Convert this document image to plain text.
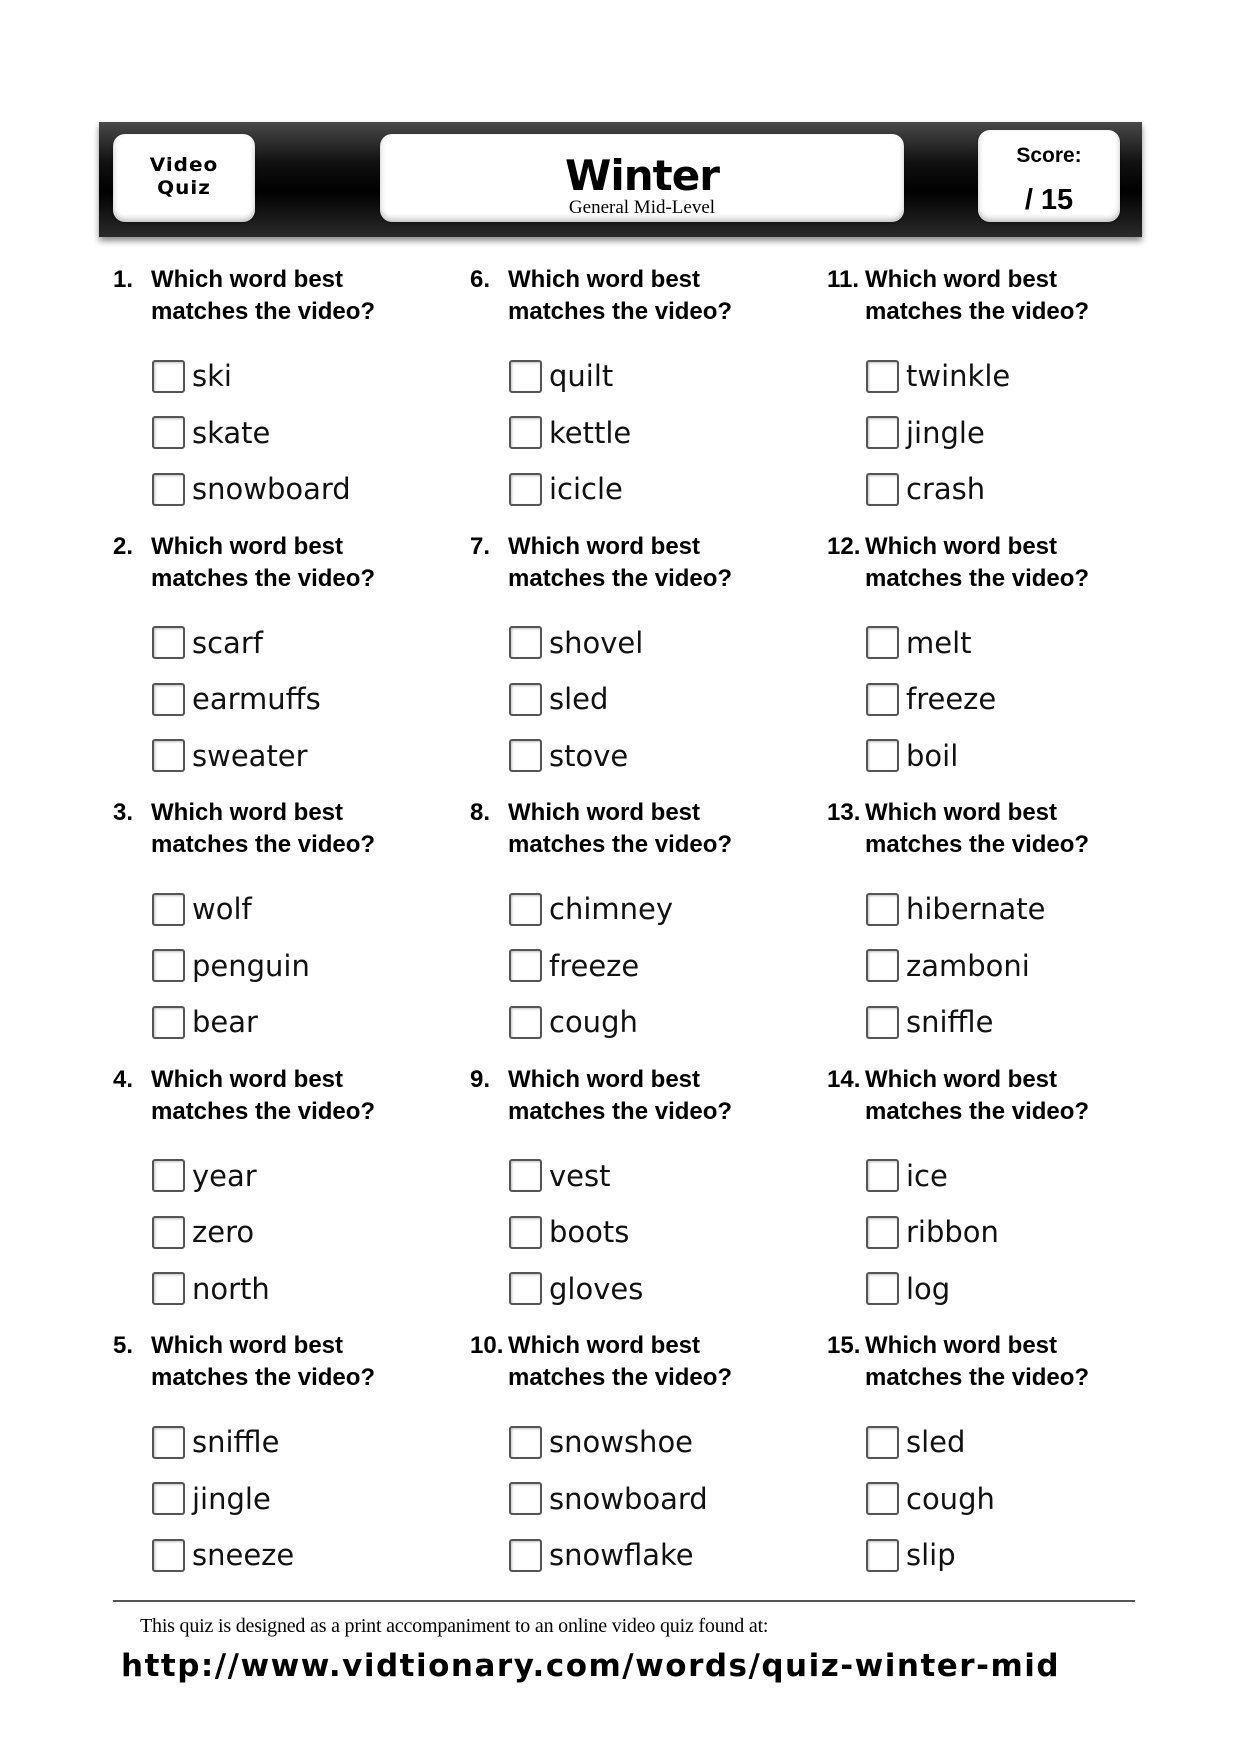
Video
Quiz	Winter
General Mid-Level
Score:
/ 15
1. Which word best matches the video?
ski
skate
snowboard
6. Which word best matches the video?
quilt
kettle
icicle
11. Which word best matches the video?
twinkle
jingle
crash
2. Which word best matches the video?
scarf
earmuffs
sweater
7. Which word best matches the video?
shovel
sled
stove
12. Which word best matches the video?
melt
freeze
boil
3. Which word best matches the video?
wolf
penguin
bear
8. Which word best matches the video?
chimney
freeze
cough
13. Which word best matches the video?
hibernate
zamboni
sniffle
4. Which word best matches the video?
year
zero
north
9. Which word best matches the video?
vest
boots
gloves
14. Which word best matches the video?
ice
ribbon
log
5. Which word best matches the video?
sniffle
jingle
sneeze
10. Which word best matches the video?
snowshoe
snowboard
snowflake
15. Which word best matches the video?
sled
cough
slip
This quiz is designed as a print accompaniment to an online video quiz found at:
http://www.vidtionary.com/words/quiz-winter-mid
